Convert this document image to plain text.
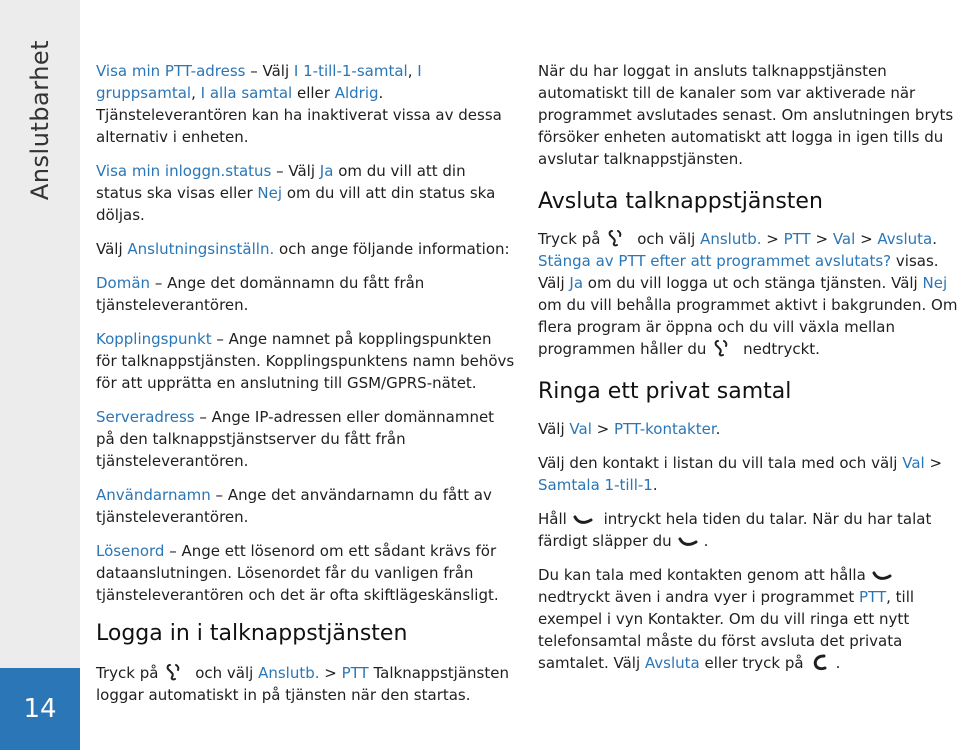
Anslutbarhet
14

Visa min PTT-adress – Välj I 1-till-1-samtal, I gruppsamtal, I alla samtal eller Aldrig. Tjänsteleverantören kan ha inaktiverat vissa av dessa alternativ i enheten.

Visa min inloggn.status – Välj Ja om du vill att din status ska visas eller Nej om du vill att din status ska döljas.

Välj Anslutningsinställn. och ange följande information:

Domän – Ange det domännamn du fått från tjänsteleverantören.

Kopplingspunkt – Ange namnet på kopplingspunkten för talknappstjänsten. Kopplingspunktens namn behövs för att upprätta en anslutning till GSM/GPRS-nätet.

Serveradress – Ange IP-adressen eller domännamnet på den talknappstjänstserver du fått från tjänsteleverantören.

Användarnamn – Ange det användarnamn du fått av tjänsteleverantören.

Lösenord – Ange ett lösenord om ett sådant krävs för dataanslutningen. Lösenordet får du vanligen från tjänsteleverantören och det är ofta skiftlägeskänsligt.

Logga in i talknappstjänsten

Tryck på och välj Anslutb. > PTT Talknappstjänsten loggar automatiskt in på tjänsten när den startas.

När du har loggat in ansluts talknappstjänsten automatiskt till de kanaler som var aktiverade när programmet avslutades senast. Om anslutningen bryts försöker enheten automatiskt att logga in igen tills du avslutar talknappstjänsten.

Avsluta talknappstjänsten

Tryck på och välj Anslutb. > PTT > Val > Avsluta. Stänga av PTT efter att programmet avslutats? visas. Välj Ja om du vill logga ut och stänga tjänsten. Välj Nej om du vill behålla programmet aktivt i bakgrunden. Om flera program är öppna och du vill växla mellan programmen håller du nedtryckt.

Ringa ett privat samtal

Välj Val > PTT-kontakter.

Välj den kontakt i listan du vill tala med och välj Val > Samtala 1-till-1.

Håll intryckt hela tiden du talar. När du har talat färdigt släpper du .

Du kan tala med kontakten genom att hålla nedtryckt även i andra vyer i programmet PTT, till exempel i vyn Kontakter. Om du vill ringa ett nytt telefonsamtal måste du först avsluta det privata samtalet. Välj Avsluta eller tryck på .
